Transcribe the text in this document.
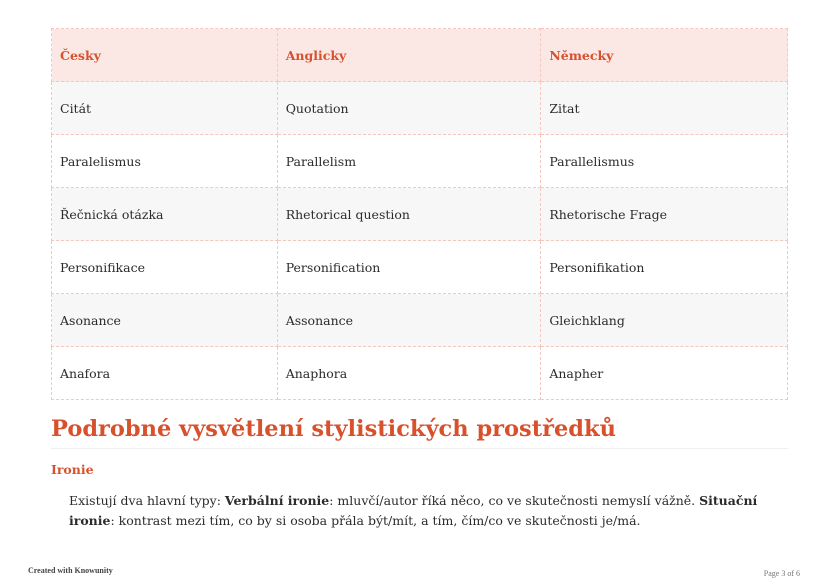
Česky	Anglicky	Německy
Citát	Quotation	Zitat
Paralelismus	Parallelism	Parallelismus
Řečnická otázka	Rhetorical question	Rhetorische Frage
Personifikace	Personification	Personifikation
Asonance	Assonance	Gleichklang
Anafora	Anaphora	Anapher
Podrobné vysvětlení stylistických prostředků
Ironie

Existují dva hlavní typy: Verbální ironie: mluvčí/autor říká něco, co ve skutečnosti nemyslí vážně. Situační ironie: kontrast mezi tím, co by si osoba přála být/mít, a tím, čím/co ve skutečnosti je/má.

Created with Knowunity	Page 3 of 6
